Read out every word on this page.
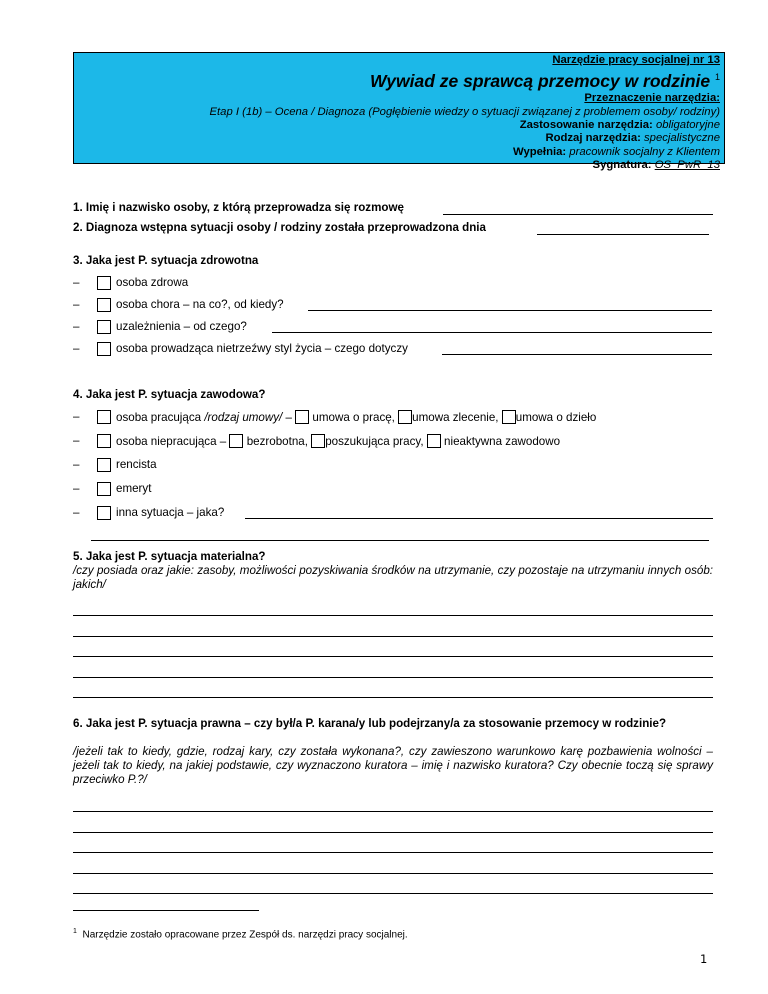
Narzędzie pracy socjalnej nr 13
Wywiad ze sprawcą przemocy w rodzinie $^1$
Przeznaczenie narzędzia:
Etap I (1b) – Ocena / Diagnoza (Pogłębienie wiedzy o sytuacji związanej z problemem osoby/ rodziny)
Zastosowanie narzędzia: obligatoryjne
Rodzaj narzędzia: specjalistyczne
Wypełnia: pracownik socjalny z Klientem
Sygnatura: OS_PwR_13
1. Imię i nazwisko osoby, z którą przeprowadza się rozmowę
2. Diagnoza wstępna sytuacji osoby / rodziny została przeprowadzona dnia
3. Jaka jest P. sytuacja zdrowotna
–	osoba zdrowa
–	osoba chora – na co?, od kiedy?
–	uzależnienia – od czego?
–	osoba prowadząca nietrzeźwy styl życia – czego dotyczy
4. Jaka jest P. sytuacja zawodowa?
–	osoba pracująca /rodzaj umowy/ – umowa o pracę, umowa zlecenie, umowa o dzieło
–	osoba niepracująca – bezrobotna, poszukująca pracy, nieaktywna zawodowo
–	rencista
–	emeryt
–	inna sytuacja – jaka?
5. Jaka jest P. sytuacja materialna?
/czy posiada oraz jakie: zasoby, możliwości pozyskiwania środków na utrzymanie, czy pozostaje na utrzymaniu innych osób: jakich/
6. Jaka jest P. sytuacja prawna – czy był/a P. karana/y lub podejrzany/a za stosowanie przemocy w rodzinie?
/jeżeli tak to kiedy, gdzie, rodzaj kary, czy została wykonana?, czy zawieszono warunkowo karę pozbawienia wolności – jeżeli tak to kiedy, na jakiej podstawie, czy wyznaczono kuratora – imię i nazwisko kuratora? Czy obecnie toczą się sprawy przeciwko P.?/
$^1$ Narzędzie zostało opracowane przez Zespół ds. narzędzi pracy socjalnej.
1
